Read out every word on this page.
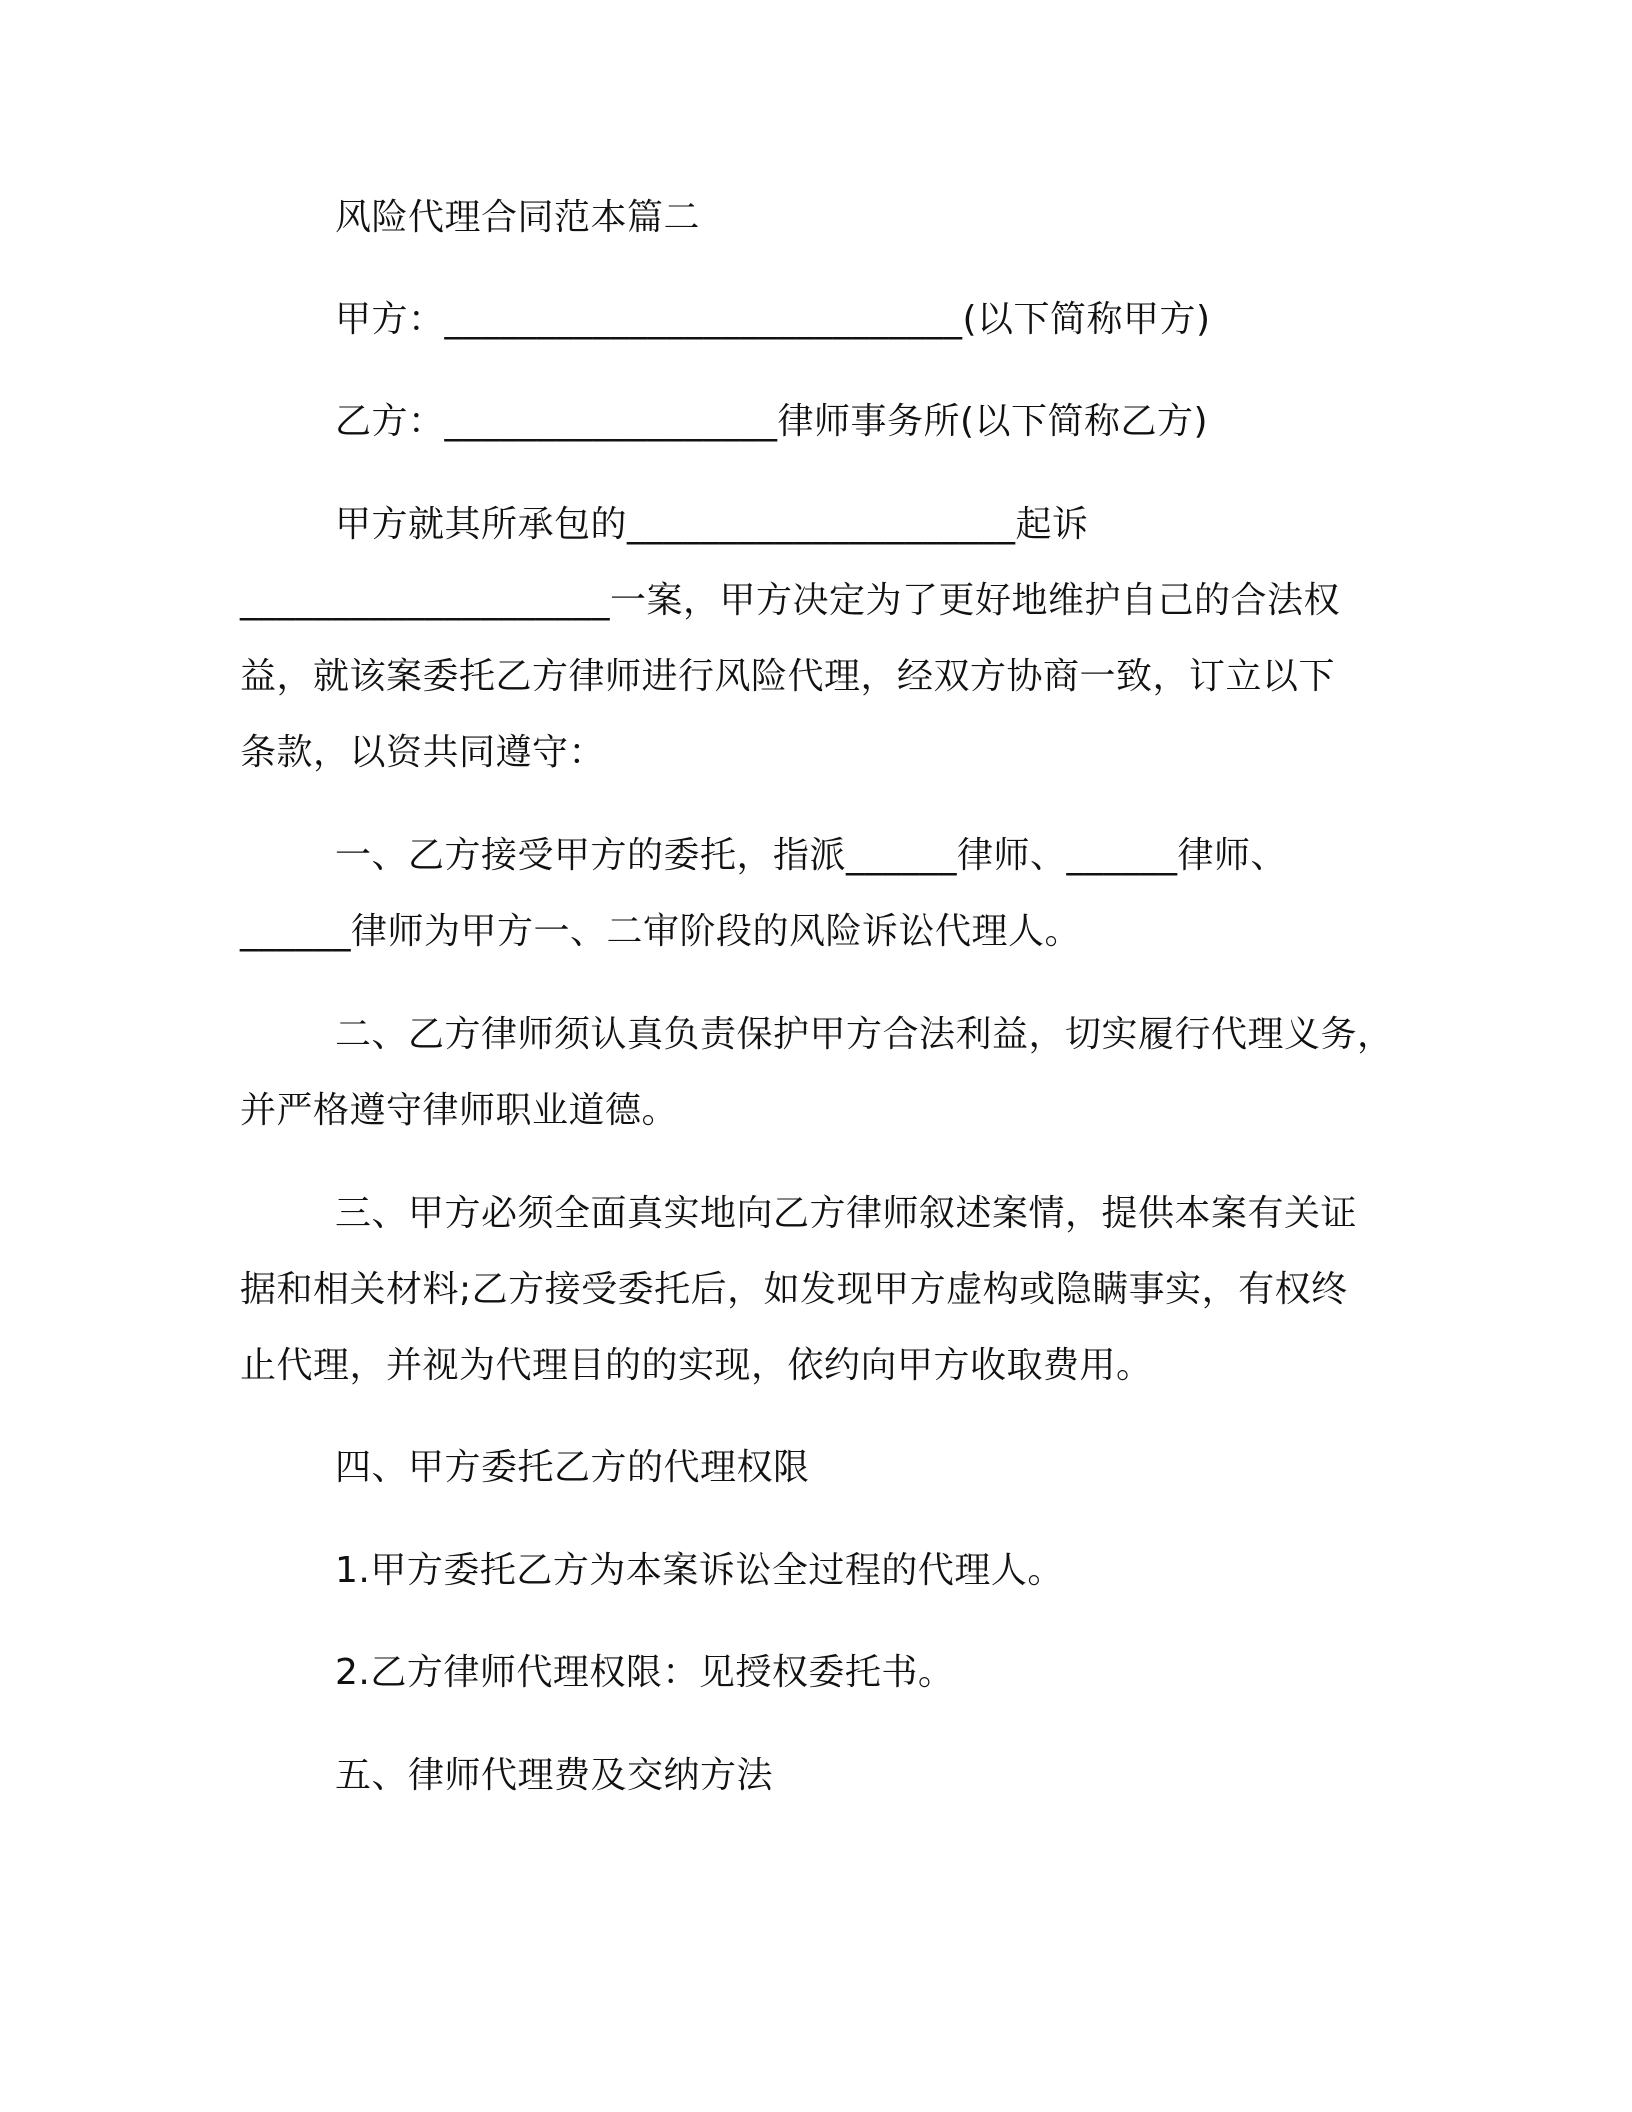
风险代理合同范本篇二
甲方：____________________________(以下简称甲方)
乙方：__________________律师事务所(以下简称乙方)
甲方就其所承包的_____________________起诉
____________________一案，甲方决定为了更好地维护自己的合法权
益，就该案委托乙方律师进行风险代理，经双方协商一致，订立以下
条款，以资共同遵守：
一、乙方接受甲方的委托，指派______律师、______律师、
______律师为甲方一、二审阶段的风险诉讼代理人。
二、乙方律师须认真负责保护甲方合法利益，切实履行代理义务，
并严格遵守律师职业道德。
三、甲方必须全面真实地向乙方律师叙述案情，提供本案有关证
据和相关材料;乙方接受委托后，如发现甲方虚构或隐瞒事实，有权终
止代理，并视为代理目的的实现，依约向甲方收取费用。
四、甲方委托乙方的代理权限
1.甲方委托乙方为本案诉讼全过程的代理人。
2.乙方律师代理权限：见授权委托书。
五、律师代理费及交纳方法
